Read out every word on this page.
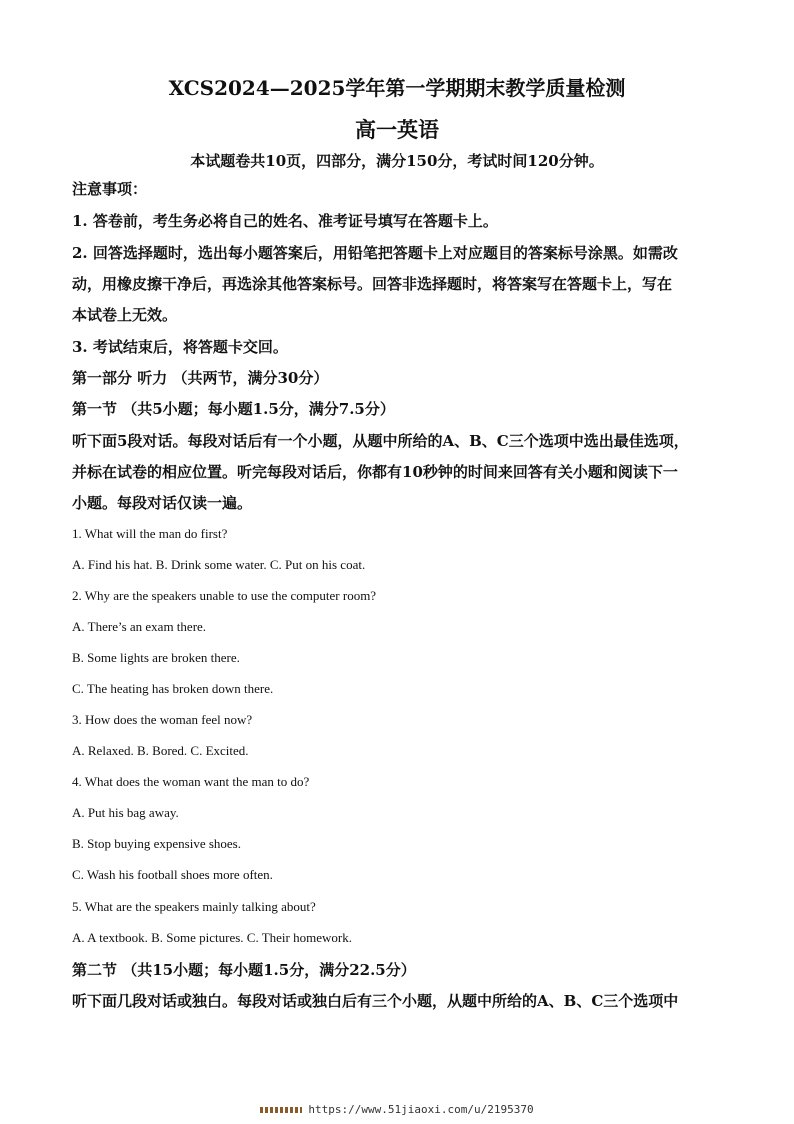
XCS2024—2025学年第一学期期末教学质量检测
高一英语
本试题卷共10页，四部分，满分150分，考试时间120分钟。
注意事项：
1. 答卷前，考生务必将自己的姓名、准考证号填写在答题卡上。
2. 回答选择题时，选出每小题答案后，用铅笔把答题卡上对应题目的答案标号涂黑。如需改
动，用橡皮擦干净后，再选涂其他答案标号。回答非选择题时，将答案写在答题卡上，写在
本试卷上无效。
3. 考试结束后，将答题卡交回。
第一部分 听力 （共两节，满分30分）
第一节 （共5小题；每小题1.5分，满分7.5分）
听下面5段对话。每段对话后有一个小题，从题中所给的A、B、C三个选项中选出最佳选项，
并标在试卷的相应位置。听完每段对话后，你都有10秒钟的时间来回答有关小题和阅读下一
小题。每段对话仅读一遍。
1. What will the man do first?
A. Find his hat. B. Drink some water. C. Put on his coat.
2. Why are the speakers unable to use the computer room?
A. There’s an exam there.
B. Some lights are broken there.
C. The heating has broken down there.
3. How does the woman feel now?
A. Relaxed. B. Bored. C. Excited.
4. What does the woman want the man to do?
A. Put his bag away.
B. Stop buying expensive shoes.
C. Wash his football shoes more often.
5. What are the speakers mainly talking about?
A. A textbook. B. Some pictures. C. Their homework.
第二节 （共15小题；每小题1.5分，满分22.5分）
听下面几段对话或独白。每段对话或独白后有三个小题，从题中所给的A、B、C三个选项中
https://www.51jiaoxi.com/u/2195370
